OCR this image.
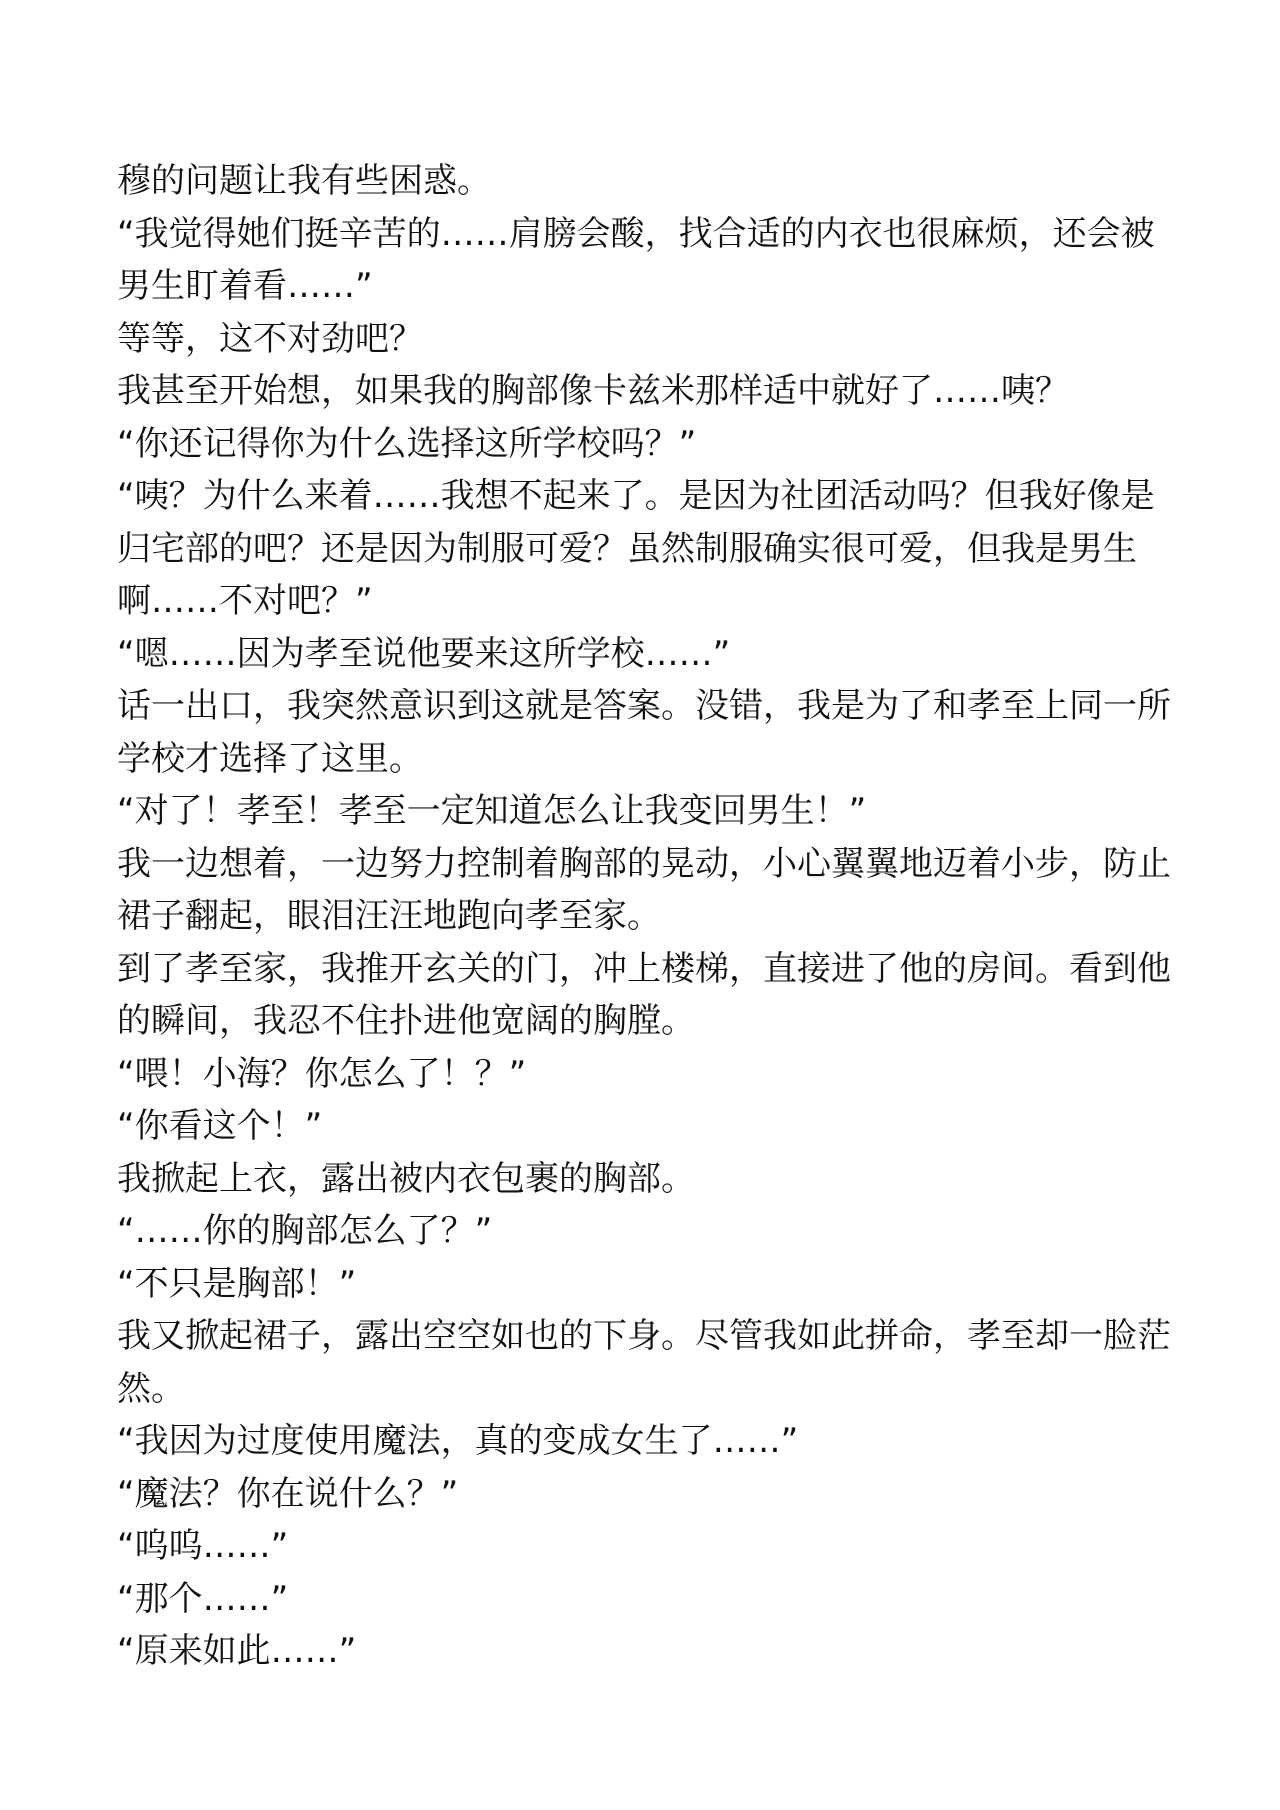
穆的问题让我有些困惑。

“我觉得她们挺辛苦的……肩膀会酸，找合适的内衣也很麻烦，还会被男生盯着看……”

等等，这不对劲吧？

我甚至开始想，如果我的胸部像卡兹米那样适中就好了……咦？

“你还记得你为什么选择这所学校吗？”

“咦？为什么来着……我想不起来了。是因为社团活动吗？但我好像是归宅部的吧？还是因为制服可爱？虽然制服确实很可爱，但我是男生啊……不对吧？”

“嗯……因为孝至说他要来这所学校……”

话一出口，我突然意识到这就是答案。没错，我是为了和孝至上同一所学校才选择了这里。

“对了！孝至！孝至一定知道怎么让我变回男生！”

我一边想着，一边努力控制着胸部的晃动，小心翼翼地迈着小步，防止裙子翻起，眼泪汪汪地跑向孝至家。

到了孝至家，我推开玄关的门，冲上楼梯，直接进了他的房间。看到他的瞬间，我忍不住扑进他宽阔的胸膛。

“喂！小海？你怎么了！？”

“你看这个！”

我掀起上衣，露出被内衣包裹的胸部。

“……你的胸部怎么了？”

“不只是胸部！”

我又掀起裙子，露出空空如也的下身。尽管我如此拼命，孝至却一脸茫然。

“我因为过度使用魔法，真的变成女生了……”

“魔法？你在说什么？”

“呜呜……”

“那个……”

“原来如此……”
